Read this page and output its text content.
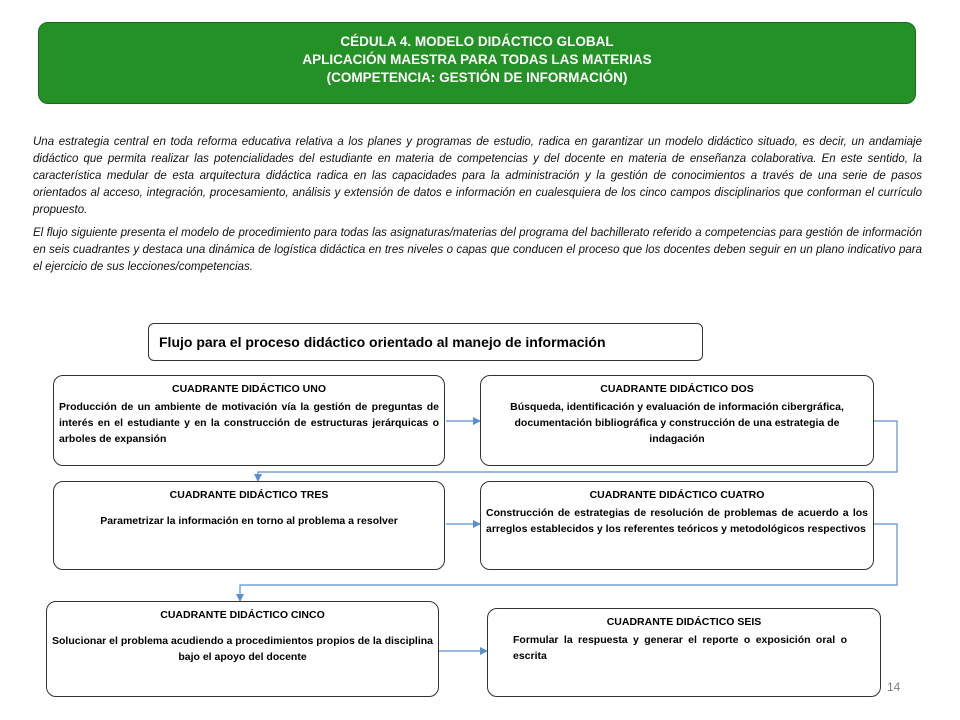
CÉDULA 4. MODELO DIDÁCTICO GLOBAL
APLICACIÓN MAESTRA PARA TODAS LAS MATERIAS
(COMPETENCIA: GESTIÓN DE INFORMACIÓN)

Una estrategia central en toda reforma educativa relativa a los planes y programas de estudio, radica en garantizar un modelo didáctico situado, es decir, un andamiaje didáctico que permita realizar las potencialidades del estudiante en materia de competencias y del docente en materia de enseñanza colaborativa. En este sentido, la característica medular de esta arquitectura didáctica radica en las capacidades para la administración y la gestión de conocimientos a través de una serie de pasos orientados al acceso, integración, procesamiento, análisis y extensión de datos e información en cualesquiera de los cinco campos disciplinarios que conforman el currículo propuesto.

El flujo siguiente presenta el modelo de procedimiento para todas las asignaturas/materias del programa del bachillerato referido a competencias para gestión de información en seis cuadrantes y destaca una dinámica de logística didáctica en tres niveles o capas que conducen el proceso que los docentes deben seguir en un plano indicativo para el ejercicio de sus lecciones/competencias.

Flujo para el proceso didáctico orientado al manejo de información
CUADRANTE DIDÁCTICO UNO
Producción de un ambiente de motivación vía la gestión de preguntas de interés en el estudiante y en la construcción de estructuras jerárquicas o arboles de expansión
CUADRANTE DIDÁCTICO DOS
Búsqueda, identificación y evaluación de información cibergráfica, documentación bibliográfica y construcción de una estrategia de indagación
CUADRANTE DIDÁCTICO TRES
Parametrizar la información en torno al problema a resolver
CUADRANTE DIDÁCTICO CUATRO
Construcción de estrategias de resolución de problemas de acuerdo a los arreglos establecidos y los referentes teóricos y metodológicos respectivos
CUADRANTE DIDÁCTICO CINCO
Solucionar el problema acudiendo a procedimientos propios de la disciplina bajo el apoyo del docente
CUADRANTE DIDÁCTICO SEIS
Formular la respuesta y generar el reporte o exposición oral o escrita
14
